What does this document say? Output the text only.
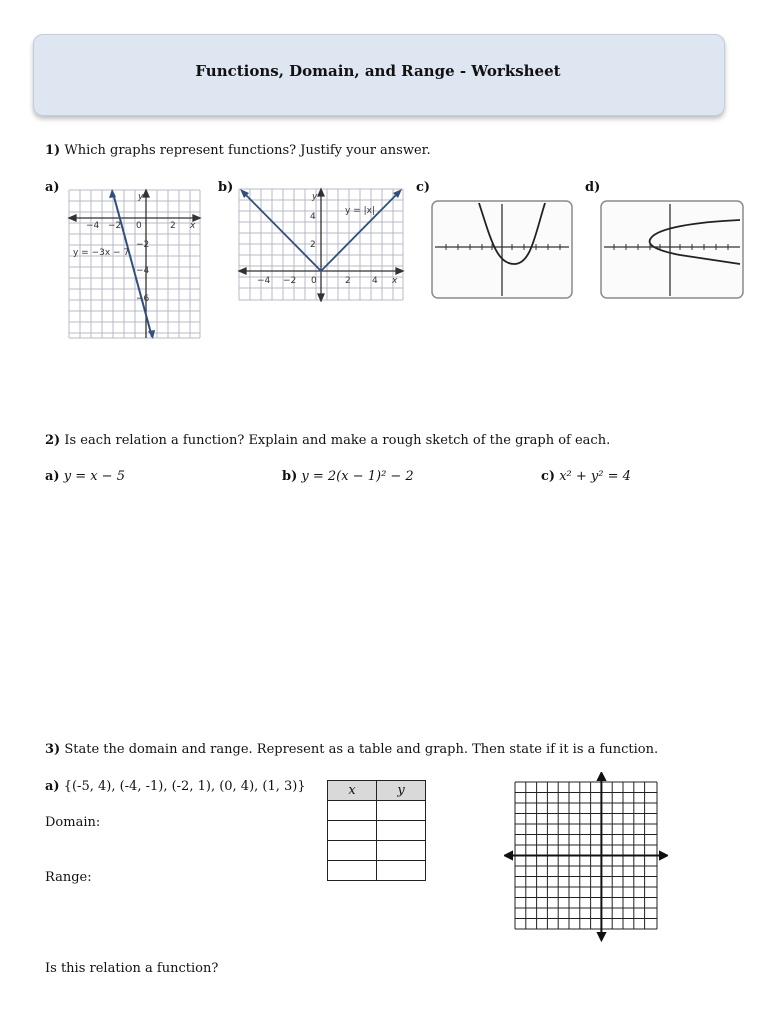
Functions, Domain, and Range - Worksheet
1) Which graphs represent functions? Justify your answer.
a)	b)	c)	d)
−4 −2 0	2
y
x
−2
−4
−6
y = −3x − 7
−4 −2 0	2 4 x
y
4
2
y = |x|
2) Is each relation a function? Explain and make a rough sketch of the graph of each.
a) y = x − 5	b) y = 2(x − 1)² − 2	c) x² + y² = 4
3) State the domain and range. Represent as a table and graph. Then state if it is a function.
a) {(-5, 4), (-4, -1), (-2, 1), (0, 4), (1, 3)}
Domain:
Range:
Is this relation a function?
x	y
